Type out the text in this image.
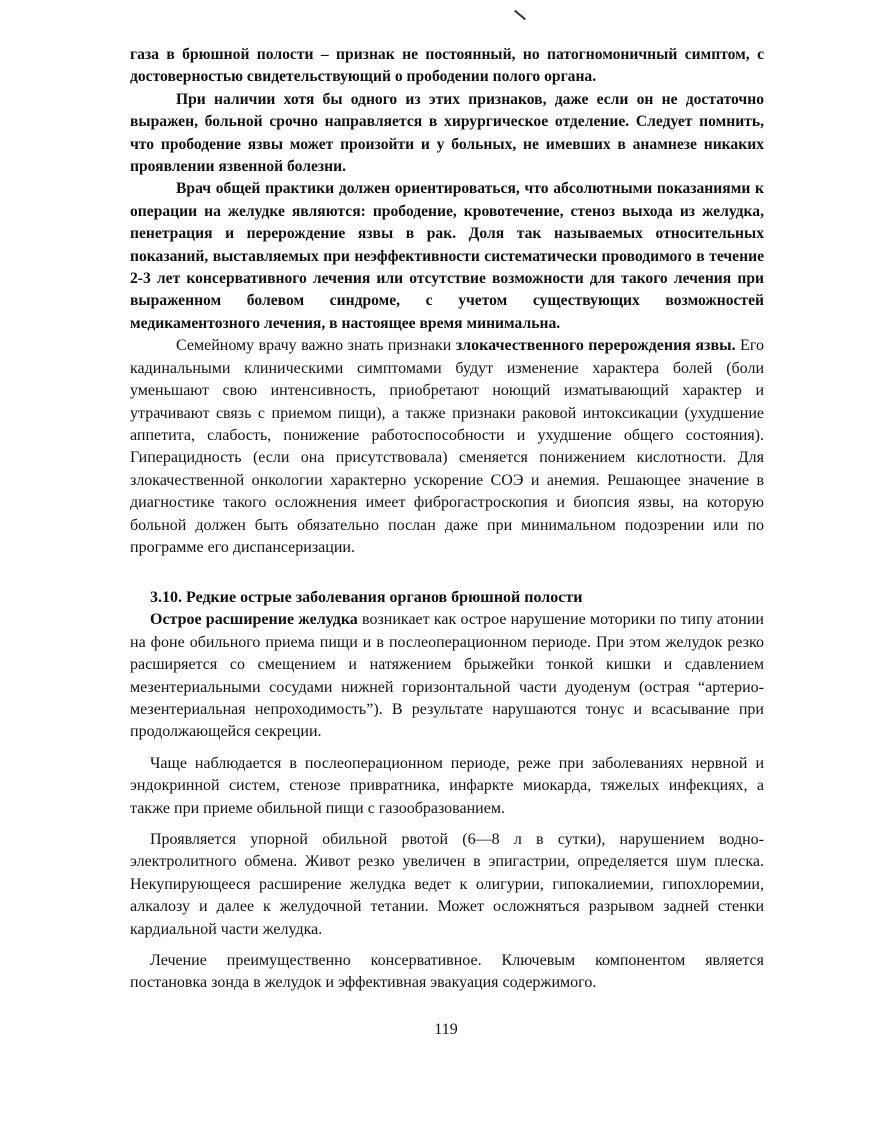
газа в брюшной полости – признак не постоянный, но патогномоничный симптом, с достоверностью свидетельствующий о прободении полого органа.

При наличии хотя бы одного из этих признаков, даже если он не достаточно выражен, больной срочно направляется в хирургическое отделение. Следует помнить, что прободение язвы может произойти и у больных, не имевших в анамнезе никаких проявлении язвенной болезни.

Врач общей практики должен ориентироваться, что абсолютными показаниями к операции на желудке являются: прободение, кровотечение, стеноз выхода из желудка, пенетрация и перерождение язвы в рак. Доля так называемых относительных показаний, выставляемых при неэффективности систематически проводимого в течение 2-3 лет консервативного лечения или отсутствие возможности для такого лечения при выраженном болевом синдроме, с учетом существующих возможностей медикаментозного лечения, в настоящее время минимальна.

Семейному врачу важно знать признаки злокачественного перерождения язвы. Его кадинальными клиническими симптомами будут изменение характера болей (боли уменьшают свою интенсивность, приобретают ноющий изматывающий характер и утрачивают связь с приемом пищи), а также признаки раковой интоксикации (ухудшение аппетита, слабость, понижение работоспособности и ухудшение общего состояния). Гиперацидность (если она присутствовала) сменяется понижением кислотности. Для злокачественной онкологии характерно ускорение СОЭ и анемия. Решающее значение в диагностике такого осложнения имеет фиброгастроскопия и биопсия язвы, на которую больной должен быть обязательно послан даже при минимальном подозрении или по программе его диспансеризации.

3.10. Редкие острые заболевания органов брюшной полости

Острое расширение желудка возникает как острое нарушение моторики по типу атонии на фоне обильного приема пищи и в послеоперационном периоде. При этом желудок резко расширяется со смещением и натяжением брыжейки тонкой кишки и сдавлением мезентериальными сосудами нижней горизонтальной части дуоденум (острая “артерио-мезентериальная непроходимость”). В результате нарушаются тонус и всасывание при продолжающейся секреции.

Чаще наблюдается в послеоперационном периоде, реже при заболеваниях нервной и эндокринной систем, стенозе привратника, инфаркте миокарда, тяжелых инфекциях, а также при приеме обильной пищи с газообразованием.

Проявляется упорной обильной рвотой (6—8 л в сутки), нарушением водно-электролитного обмена. Живот резко увеличен в эпигастрии, определяется шум плеска. Некупирующееся расширение желудка ведет к олигурии, гипокалиемии, гипохлоремии, алкалозу и далее к желудочной тетании. Может осложняться разрывом задней стенки кардиальной части желудка.

Лечение преимущественно консервативное. Ключевым компонентом является постановка зонда в желудок и эффективная эвакуация содержимого.

119
